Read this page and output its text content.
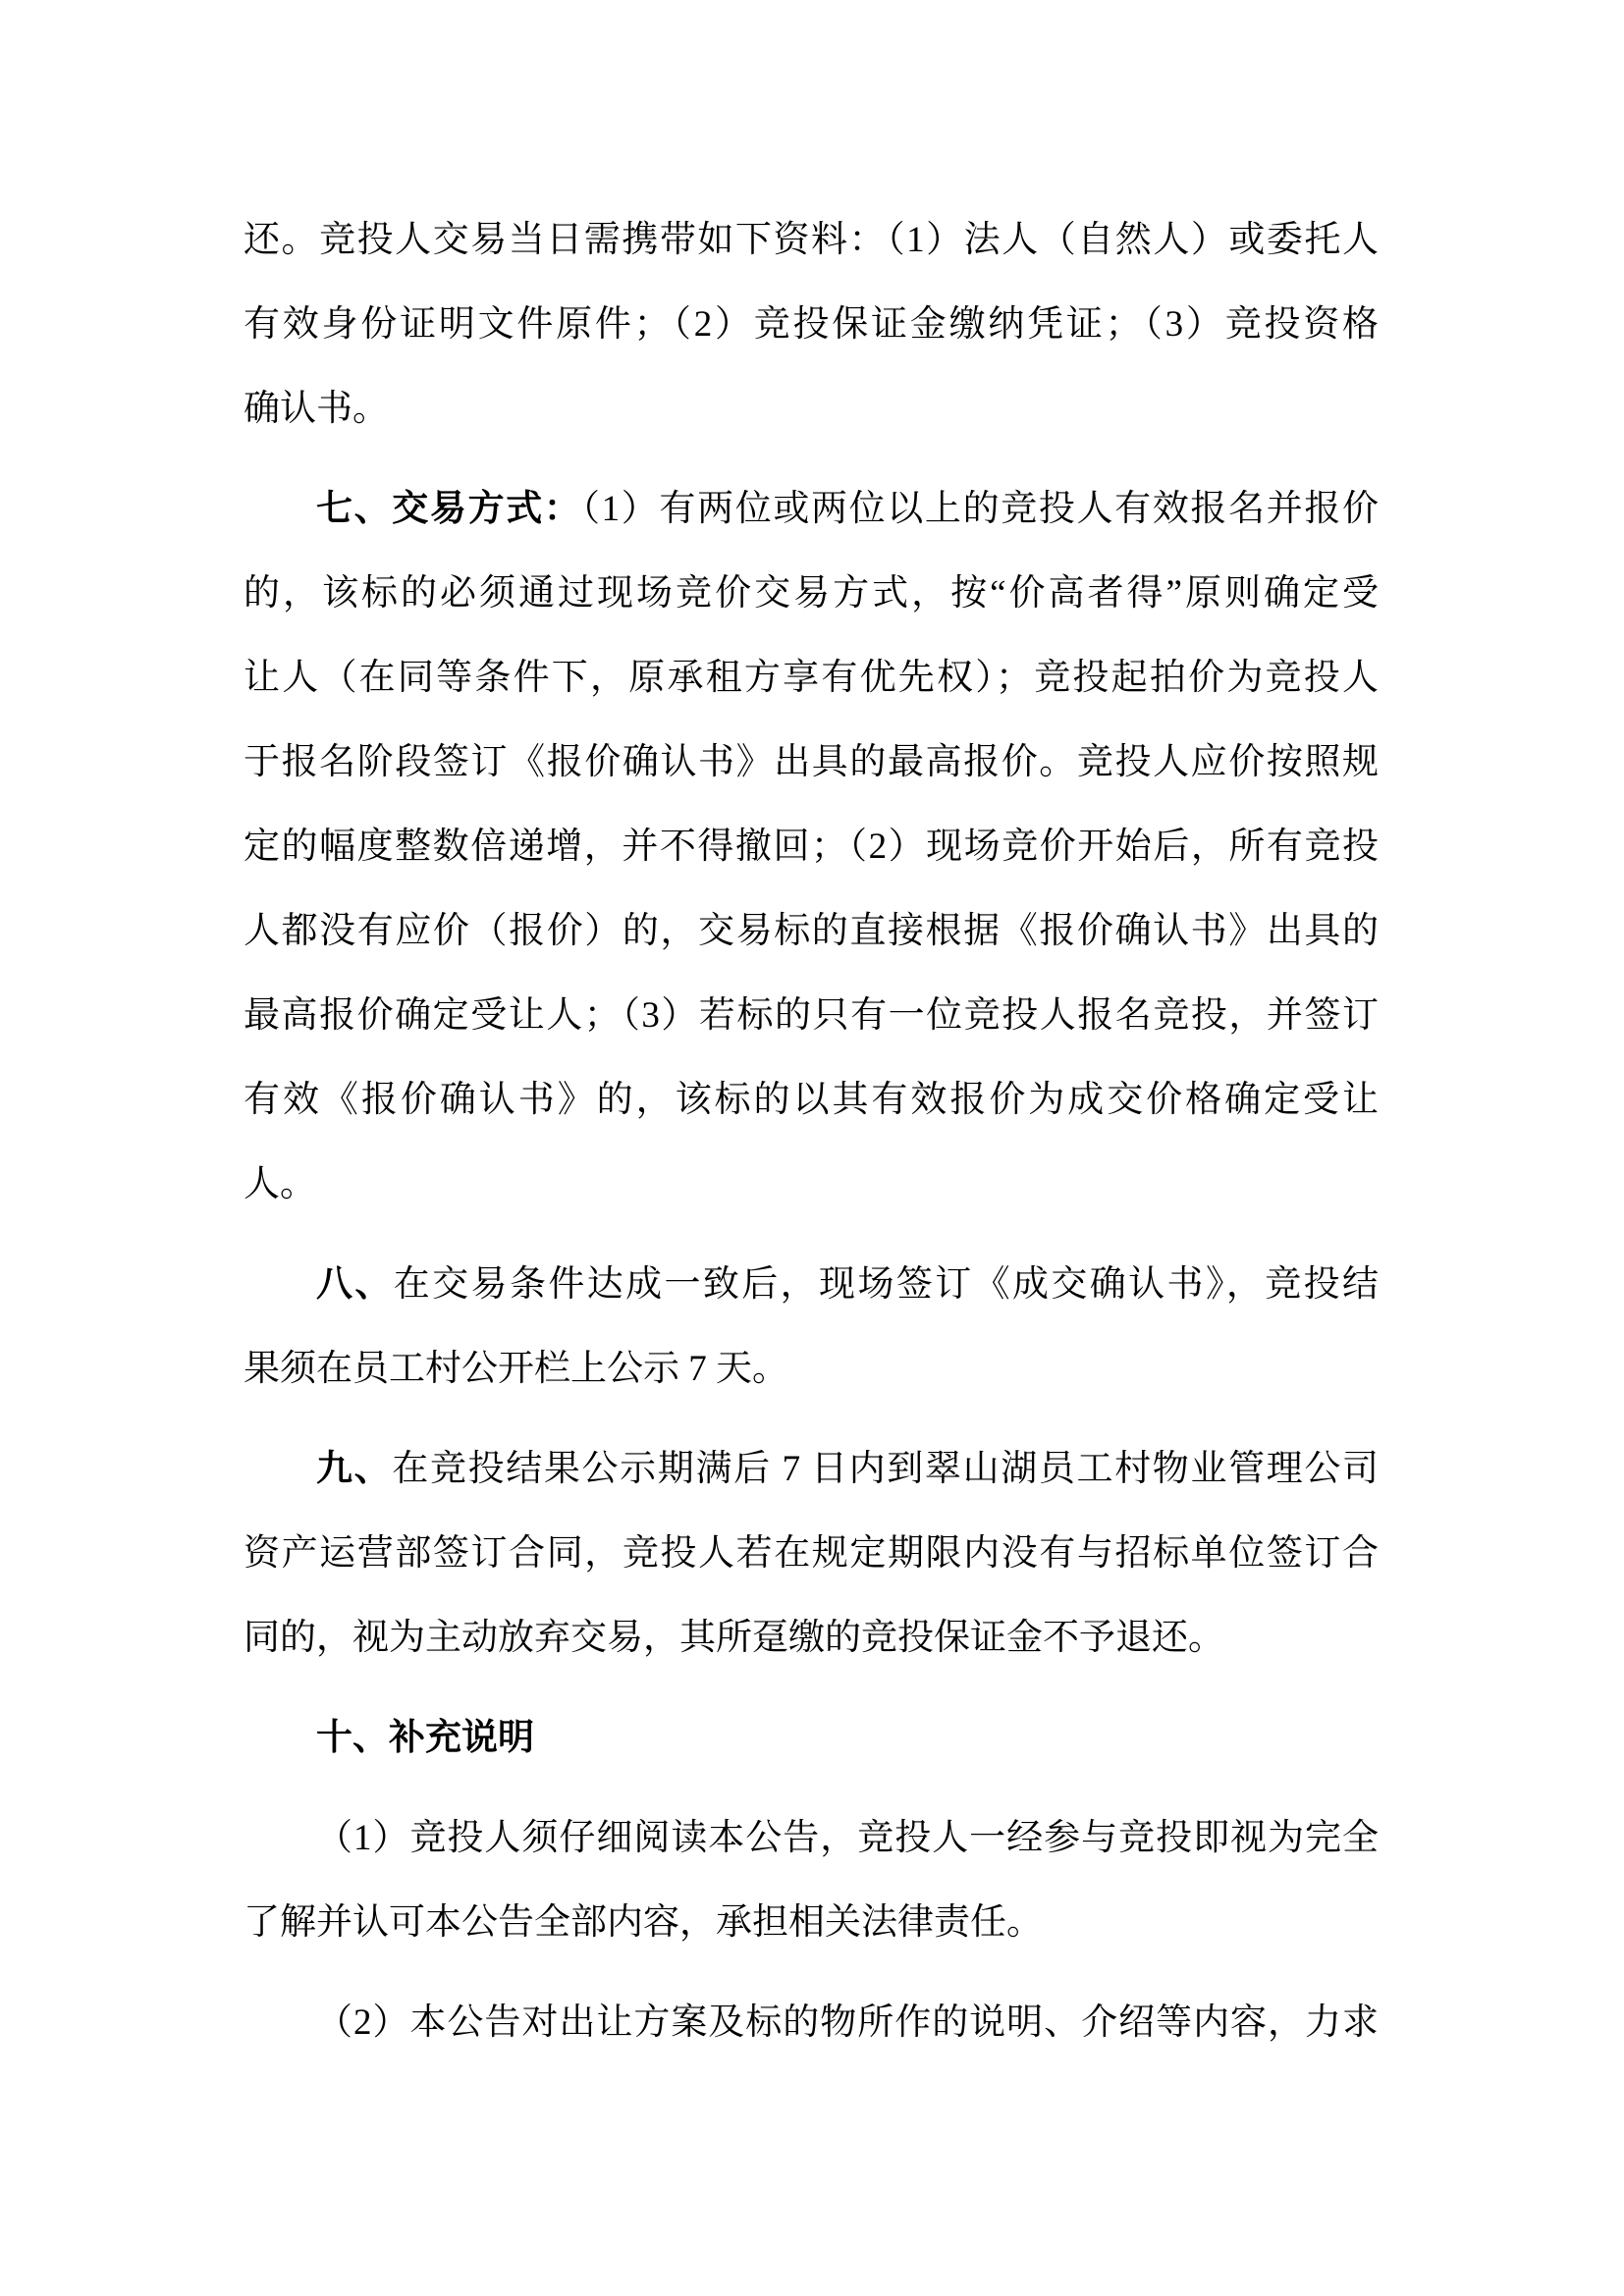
还。竞投人交易当日需携带如下资料：（1）法人（自然人）或委托人
有效身份证明文件原件；（2）竞投保证金缴纳凭证；（3）竞投资格
确认书。
七、交易方式：（1）有两位或两位以上的竞投人有效报名并报价
的，该标的必须通过现场竞价交易方式，按“价高者得”原则确定受
让人（在同等条件下，原承租方享有优先权）；竞投起拍价为竞投人
于报名阶段签订《报价确认书》出具的最高报价。竞投人应价按照规
定的幅度整数倍递增，并不得撤回；（2）现场竞价开始后，所有竞投
人都没有应价（报价）的，交易标的直接根据《报价确认书》出具的
最高报价确定受让人；（3）若标的只有一位竞投人报名竞投，并签订
有效《报价确认书》的，该标的以其有效报价为成交价格确定受让
人。
八、在交易条件达成一致后，现场签订《成交确认书》，竞投结
果须在员工村公开栏上公示 7 天。
九、在竞投结果公示期满后 7 日内到翠山湖员工村物业管理公司
资产运营部签订合同，竞投人若在规定期限内没有与招标单位签订合
同的，视为主动放弃交易，其所趸缴的竞投保证金不予退还。
十、补充说明
（1）竞投人须仔细阅读本公告，竞投人一经参与竞投即视为完全
了解并认可本公告全部内容，承担相关法律责任。
（2）本公告对出让方案及标的物所作的说明、介绍等内容，力求
